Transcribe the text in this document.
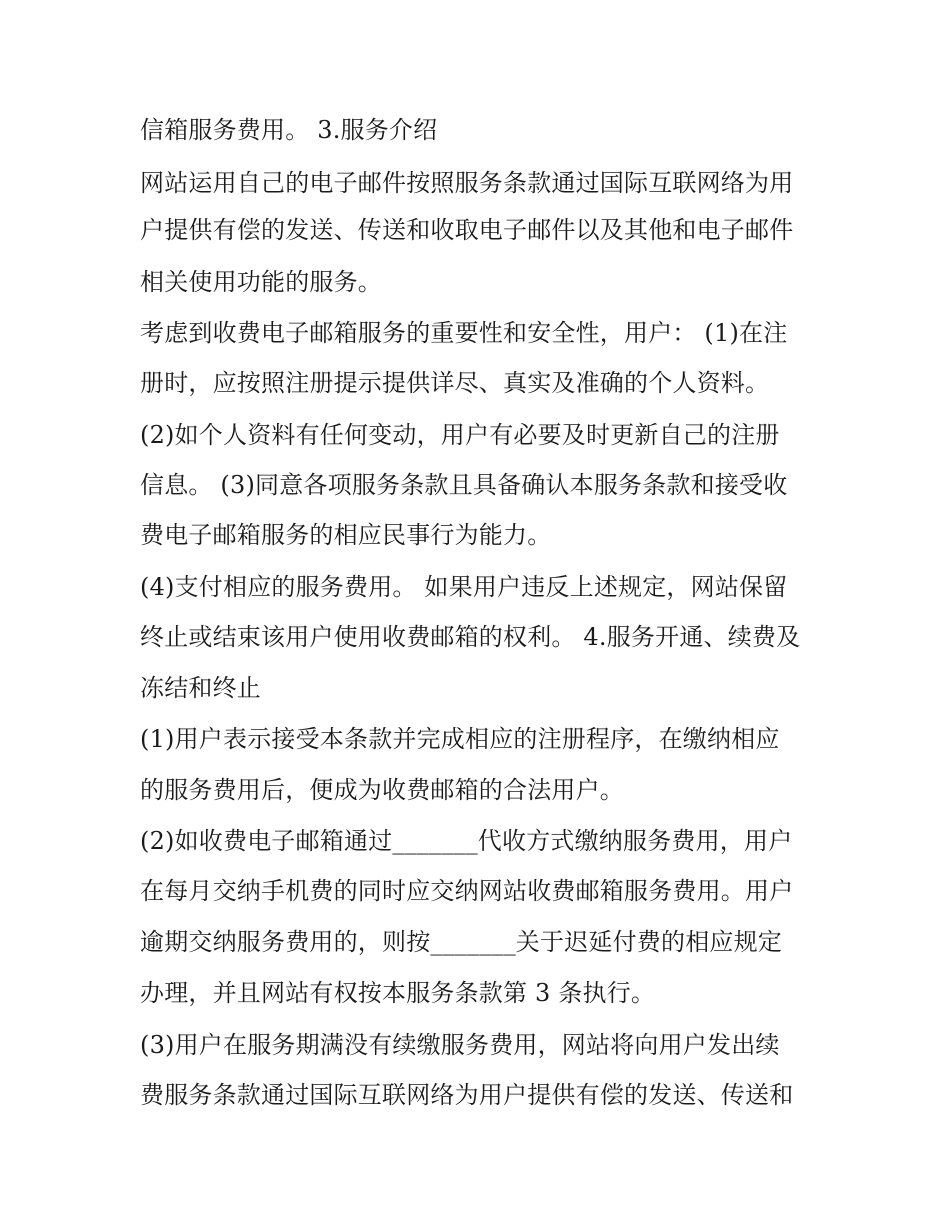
信箱服务费用。 3.服务介绍
网站运用自己的电子邮件按照服务条款通过国际互联网络为用
户提供有偿的发送、传送和收取电子邮件以及其他和电子邮件
相关使用功能的服务。
考虑到收费电子邮箱服务的重要性和安全性，用户： (1)在注
册时，应按照注册提示提供详尽、真实及准确的个人资料。
(2)如个人资料有任何变动，用户有必要及时更新自己的注册
信息。 (3)同意各项服务条款且具备确认本服务条款和接受收
费电子邮箱服务的相应民事行为能力。
(4)支付相应的服务费用。 如果用户违反上述规定，网站保留
终止或结束该用户使用收费邮箱的权利。 4.服务开通、续费及
冻结和终止
(1)用户表示接受本条款并完成相应的注册程序，在缴纳相应
的服务费用后，便成为收费邮箱的合法用户。
(2)如收费电子邮箱通过_______代收方式缴纳服务费用，用户
在每月交纳手机费的同时应交纳网站收费邮箱服务费用。用户
逾期交纳服务费用的，则按_______关于迟延付费的相应规定
办理，并且网站有权按本服务条款第 3 条执行。
(3)用户在服务期满没有续缴服务费用，网站将向用户发出续
费服务条款通过国际互联网络为用户提供有偿的发送、传送和
